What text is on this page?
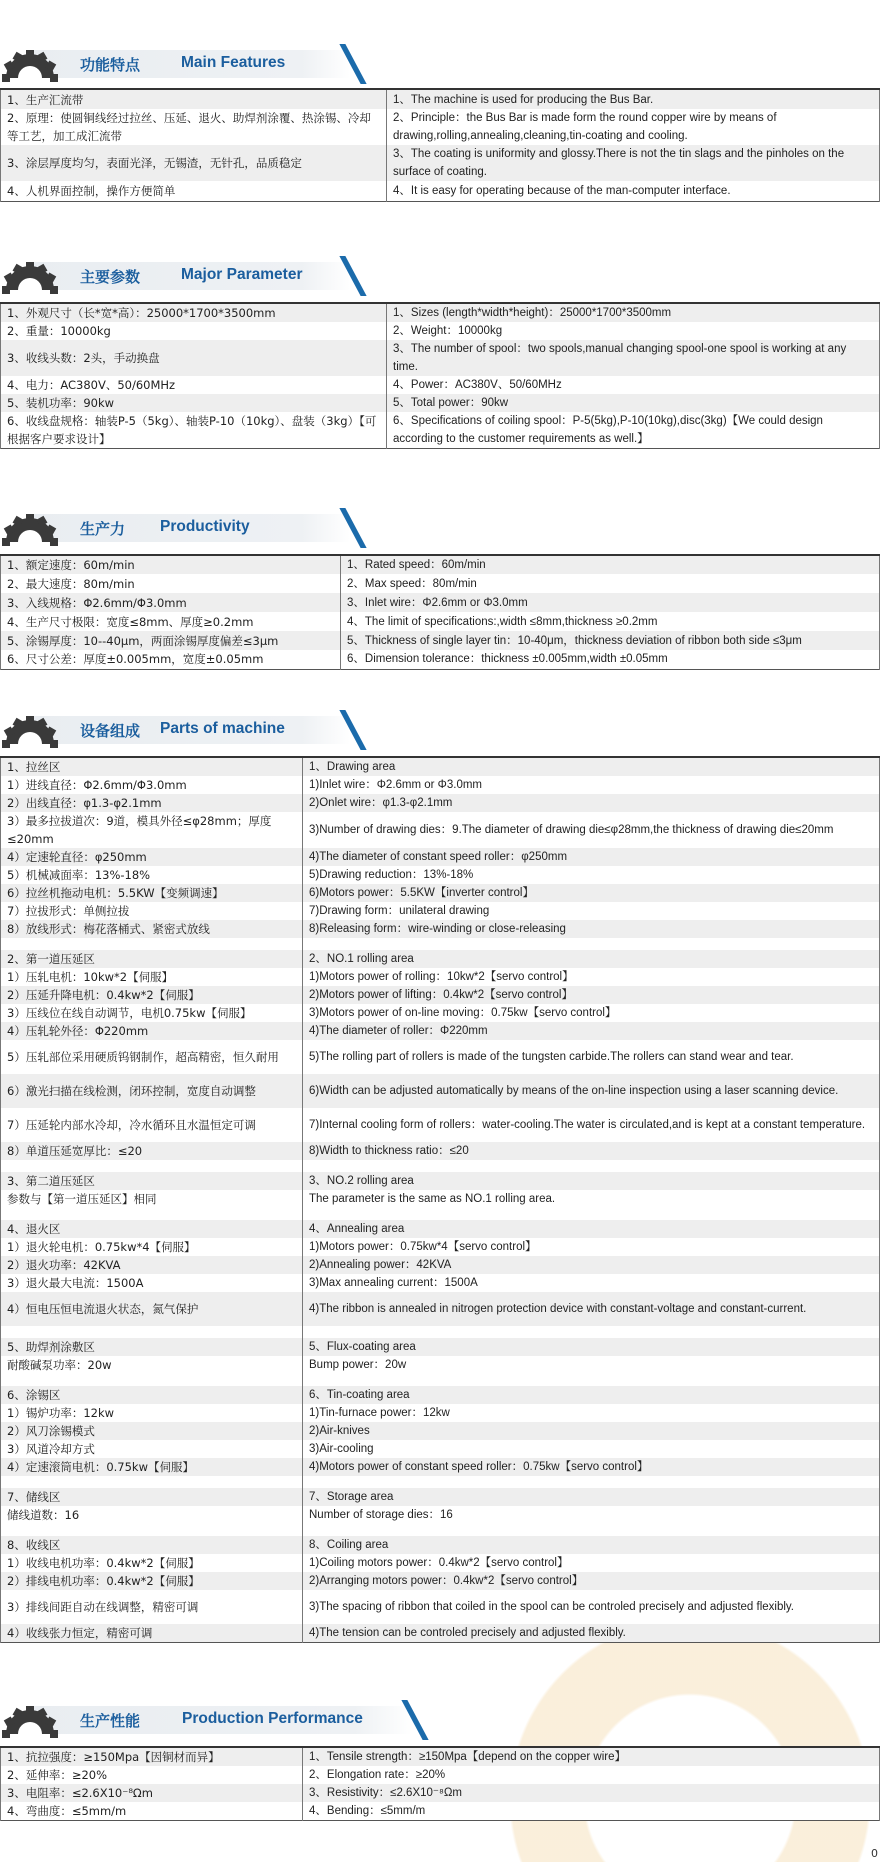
功能特点	Main Features
1、生产汇流带	1、The machine is used for producing the Bus Bar.
2、原理：使圆铜线经过拉丝、压延、退火、助焊剂涂覆、热涂锡、冷却等工艺，加工成汇流带	2、Principle：the Bus Bar is made form the round copper wire by means of drawing,rolling,annealing,cleaning,tin-coating and cooling.
3、涂层厚度均匀，表面光泽，无锡渣，无针孔，品质稳定	3、The coating is uniformity and glossy.There is not the tin slags and the pinholes on the surface of coating.
4、人机界面控制，操作方便简单	4、It is easy for operating because of the man-computer interface.
主要参数	Major Parameter
1、外观尺寸（长*宽*高）：25000*1700*3500mm	1、Sizes (length*width*height)：25000*1700*3500mm
2、重量：10000kg	2、Weight：10000kg
3、收线头数：2头，手动换盘	3、The number of spool：two spools,manual changing spool-one spool is working at any time.
4、电力：AC380V、50/60MHz	4、Power：AC380V、50/60MHz
5、装机功率：90kw	5、Total power：90kw
6、收线盘规格：轴装P-5（5kg）、轴装P-10（10kg）、盘装（3kg）【可根据客户要求设计】	6、Specifications of coiling spool：P-5(5kg),P-10(10kg),disc(3kg)【We could design according to the customer requirements as well.】
生产力 Productivity
1、额定速度：60m/min	1、Rated speed：60m/min
2、最大速度：80m/min	2、Max speed：80m/min
3、入线规格：Φ2.6mm/Φ3.0mm	3、Inlet wire：Φ2.6mm or Φ3.0mm
4、生产尺寸极限：宽度≤8mm、厚度≥0.2mm	4、The limit of specifications:,width ≤8mm,thickness ≥0.2mm
5、涂锡厚度：10--40μm，两面涂锡厚度偏差≤3μm	5、Thickness of single layer tin：10-40μm，thickness deviation of ribbon both side ≤3μm
6、尺寸公差：厚度±0.005mm，宽度±0.05mm	6、Dimension tolerance：thickness ±0.005mm,width ±0.05mm
设备组成 Parts of machine
1、拉丝区	1、Drawing area
1）进线直径：Φ2.6mm/Φ3.0mm	1)Inlet wire：Φ2.6mm or Φ3.0mm
2）出线直径：φ1.3-φ2.1mm	2)Onlet wire：φ1.3-φ2.1mm
3）最多拉拔道次：9道，模具外径≤φ28mm；厚度≤20mm	3)Number of drawing dies：9.The diameter of drawing die≤φ28mm,the thickness of drawing die≤20mm
4）定速轮直径：φ250mm	4)The diameter of constant speed roller：φ250mm
5）机械减面率：13%-18%	5)Drawing reduction：13%-18%
6）拉丝机拖动电机：5.5KW【变频调速】	6)Motors power：5.5KW【inverter control】
7）拉拔形式：单侧拉拔	7)Drawing form：unilateral drawing
8）放线形式：梅花落桶式、紧密式放线	8)Releasing form：wire-winding or close-releasing

2、第一道压延区	2、NO.1 rolling area
1）压轧电机：10kw*2【伺服】	1)Motors power of rolling：10kw*2【servo control】
2）压延升降电机：0.4kw*2【伺服】	2)Motors power of lifting：0.4kw*2【servo control】
3）压线位在线自动调节，电机0.75kw【伺服】	3)Motors power of on-line moving：0.75kw【servo control】
4）压轧轮外径：Φ220mm	4)The diameter of roller：Φ220mm
5）压轧部位采用硬质钨钢制作，超高精密，恒久耐用	5)The rolling part of rollers is made of the tungsten carbide.The rollers can stand wear and tear.
6）激光扫描在线检测，闭环控制，宽度自动调整	6)Width can be adjusted automatically by means of the on-line inspection using a laser scanning device.
7）压延轮内部水冷却，冷水循环且水温恒定可调	7)Internal cooling form of rollers：water-cooling.The water is circulated,and is kept at a constant temperature.
8）单道压延宽厚比：≤20	8)Width to thickness ratio：≤20

3、第二道压延区	3、NO.2 rolling area
参数与【第一道压延区】相同	The parameter is the same as NO.1 rolling area.

4、退火区	4、Annealing area
1）退火轮电机：0.75kw*4【伺服】	1)Motors power：0.75kw*4【servo control】
2）退火功率：42KVA	2)Annealing power：42KVA
3）退火最大电流：1500A	3)Max annealing current：1500A
4）恒电压恒电流退火状态，氮气保护	4)The ribbon is annealed in nitrogen protection device with constant-voltage and constant-current.

5、助焊剂涂敷区	5、Flux-coating area
耐酸碱泵功率：20w	Bump power：20w

6、涂锡区	6、Tin-coating area
1）锡炉功率：12kw	1)Tin-furnace power：12kw
2）风刀涂锡模式	2)Air-knives
3）风道冷却方式	3)Air-cooling
4）定速滚筒电机：0.75kw【伺服】	4)Motors power of constant speed roller：0.75kw【servo control】

7、储线区	7、Storage area
储线道数：16	Number of storage dies：16

8、收线区	8、Coiling area
1）收线电机功率：0.4kw*2【伺服】	1)Coiling motors power：0.4kw*2【servo control】
2）排线电机功率：0.4kw*2【伺服】	2)Arranging motors power：0.4kw*2【servo control】
3）排线间距自动在线调整，精密可调	3)The spacing of ribbon that coiled in the spool can be controled precisely and adjusted flexibly.
4）收线张力恒定，精密可调	4)The tension can be controled precisely and adjusted flexibly.
生产性能	Production Performance
1、抗拉强度：≥150Mpa【因铜材而异】	1、Tensile strength：≥150Mpa【depend on the copper wire】
2、延伸率：≥20%	2、Elongation rate：≥20%
3、电阻率：≤2.6X10⁻⁸Ωm	3、Resistivity：≤2.6X10⁻⁸Ωm
4、弯曲度：≤5mm/m	4、Bending：≤5mm/m
0
